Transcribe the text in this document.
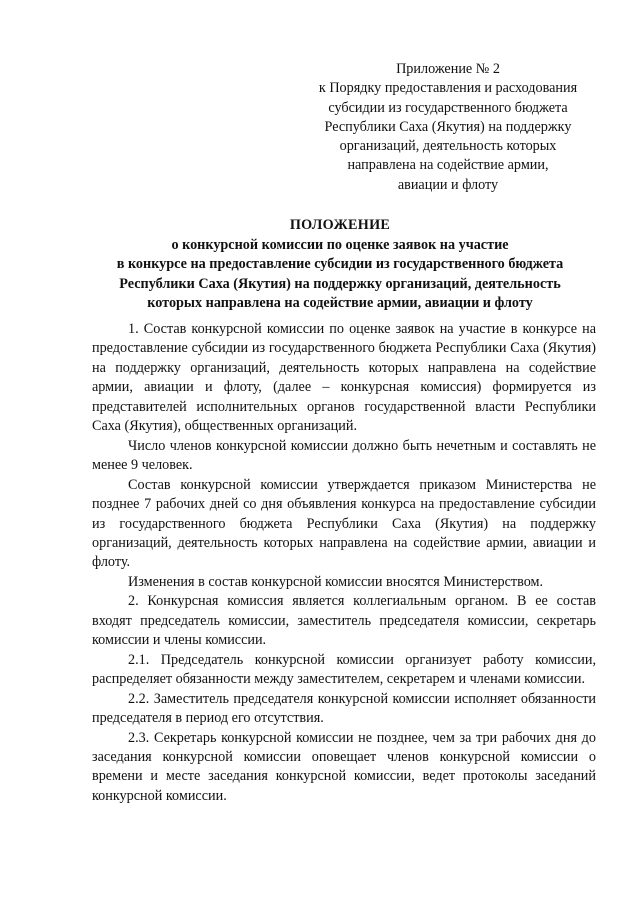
Приложение № 2
к Порядку предоставления и расходования
субсидии из государственного бюджета
Республики Саха (Якутия) на поддержку
организаций, деятельность которых
направлена на содействие армии,
авиации и флоту
ПОЛОЖЕНИЕ
о конкурсной комиссии по оценке заявок на участие
в конкурсе на предоставление субсидии из государственного бюджета
Республики Саха (Якутия) на поддержку организаций, деятельность
которых направлена на содействие армии, авиации и флоту

1. Состав конкурсной комиссии по оценке заявок на участие в конкурсе на предоставление субсидии из государственного бюджета Республики Саха (Якутия) на поддержку организаций, деятельность которых направлена на содействие армии, авиации и флоту, (далее – конкурсная комиссия) формируется из представителей исполнительных органов государственной власти Республики Саха (Якутия), общественных организаций.

Число членов конкурсной комиссии должно быть нечетным и составлять не менее 9 человек.

Состав конкурсной комиссии утверждается приказом Министерства не позднее 7 рабочих дней со дня объявления конкурса на предоставление субсидии из государственного бюджета Республики Саха (Якутия) на поддержку организаций, деятельность которых направлена на содействие армии, авиации и флоту.

Изменения в состав конкурсной комиссии вносятся Министерством.

2. Конкурсная комиссия является коллегиальным органом. В ее состав входят председатель комиссии, заместитель председателя комиссии, секретарь комиссии и члены комиссии.

2.1. Председатель конкурсной комиссии организует работу комиссии, распределяет обязанности между заместителем, секретарем и членами комиссии.

2.2. Заместитель председателя конкурсной комиссии исполняет обязанности председателя в период его отсутствия.

2.3. Секретарь конкурсной комиссии не позднее, чем за три рабочих дня до заседания конкурсной комиссии оповещает членов конкурсной комиссии о времени и месте заседания конкурсной комиссии, ведет протоколы заседаний конкурсной комиссии.
